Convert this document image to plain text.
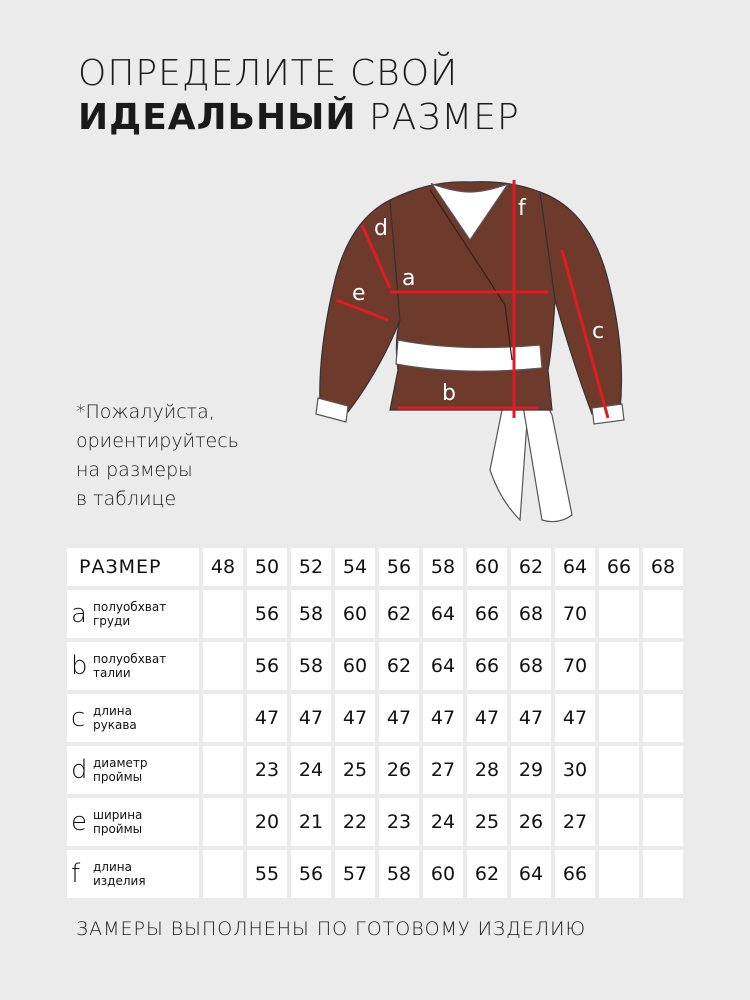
ОПРЕДЕЛИТЕ СВОЙ
ИДЕАЛЬНЫЙ РАЗМЕР
*Пожалуйста,
ориентируйтесь
на размеры
в таблице
a
b
c
d
e
f
РАЗМЕР	48	50	52	54	56	58	60	62	64	66	68

a полуобхват
груди		56	58	60	62	64	66	68	70		

b полуобхват
талии		56	58	60	62	64	66	68	70		

c длина
рукава		47	47	47	47	47	47	47	47		

d диаметр
проймы		23	24	25	26	27	28	29	30		

e ширина
проймы		20	21	22	23	24	25	26	27		

f длина
изделия		55	56	57	58	60	62	64	66		
ЗАМЕРЫ ВЫПОЛНЕНЫ ПО ГОТОВОМУ ИЗДЕЛИЮ
